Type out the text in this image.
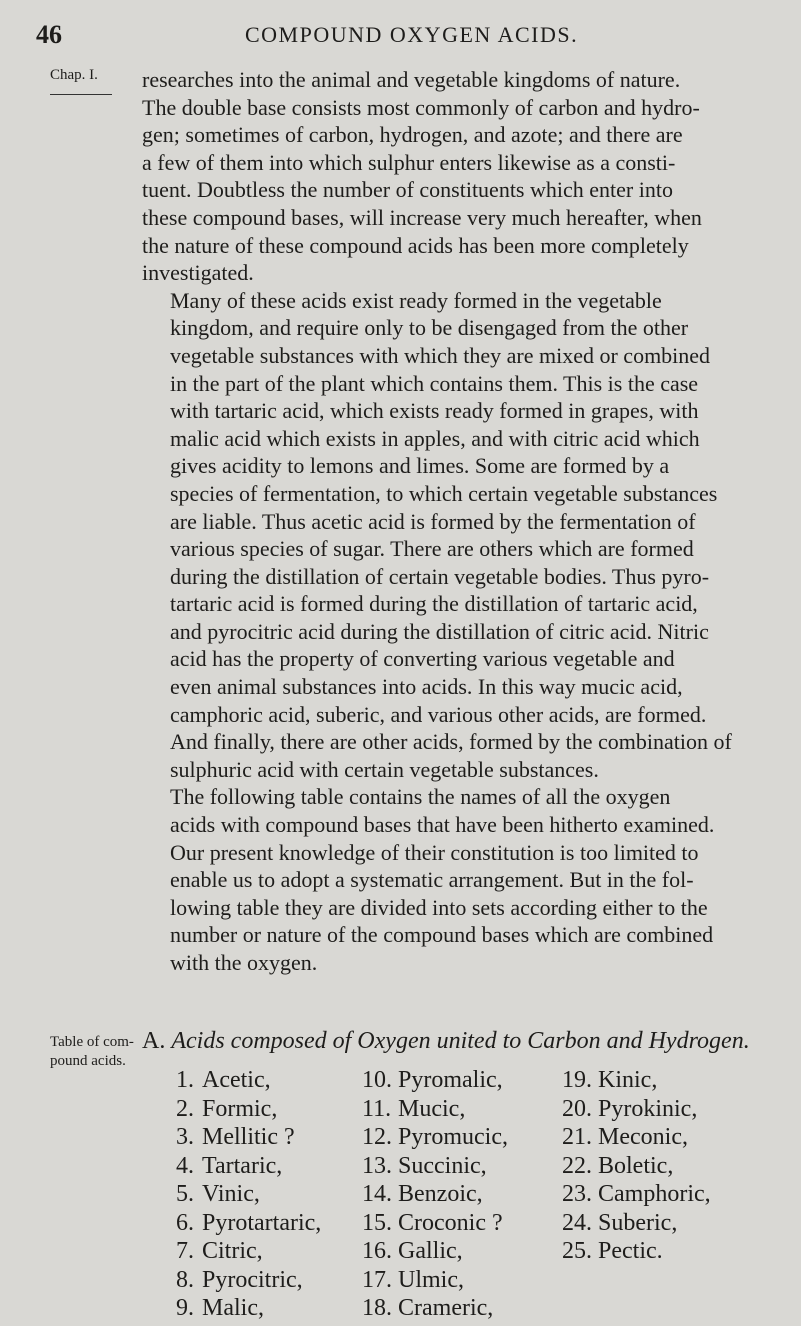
46	COMPOUND OXYGEN ACIDS.
Chap. I. researches into the animal and vegetable kingdoms of nature.
The double base consists most commonly of carbon and hydro-
gen; sometimes of carbon, hydrogen, and azote; and there are
a few of them into which sulphur enters likewise as a consti-
tuent. Doubtless the number of constituents which enter into
these compound bases, will increase very much hereafter, when
the nature of these compound acids has been more completely
investigated.

Many of these acids exist ready formed in the vegetable
kingdom, and require only to be disengaged from the other
vegetable substances with which they are mixed or combined
in the part of the plant which contains them. This is the case
with tartaric acid, which exists ready formed in grapes, with
malic acid which exists in apples, and with citric acid which
gives acidity to lemons and limes. Some are formed by a
species of fermentation, to which certain vegetable substances
are liable. Thus acetic acid is formed by the fermentation of
various species of sugar. There are others which are formed
during the distillation of certain vegetable bodies. Thus pyro-
tartaric acid is formed during the distillation of tartaric acid,
and pyrocitric acid during the distillation of citric acid. Nitric
acid has the property of converting various vegetable and
even animal substances into acids. In this way mucic acid,
camphoric acid, suberic, and various other acids, are formed.
And finally, there are other acids, formed by the combination of
sulphuric acid with certain vegetable substances.

The following table contains the names of all the oxygen
acids with compound bases that have been hitherto examined.
Our present knowledge of their constitution is too limited to
enable us to adopt a systematic arrangement. But in the fol-
lowing table they are divided into sets according either to the
number or nature of the compound bases which are combined
with the oxygen.

Table of com-
pound acids.
A. Acids composed of Oxygen united to Carbon and Hydrogen.
1. Acetic,
2. Formic,
3. Mellitic ?
4. Tartaric,
5. Vinic,
6. Pyrotartaric,
7. Citric,
8. Pyrocitric,
9. Malic,
10. Pyromalic,
11. Mucic,
12. Pyromucic,
13. Succinic,
14. Benzoic,
15. Croconic ?
16. Gallic,
17. Ulmic,
18. Crameric,
19. Kinic,
20. Pyrokinic,
21. Meconic,
22. Boletic,
23. Camphoric,
24. Suberic,
25. Pectic.
